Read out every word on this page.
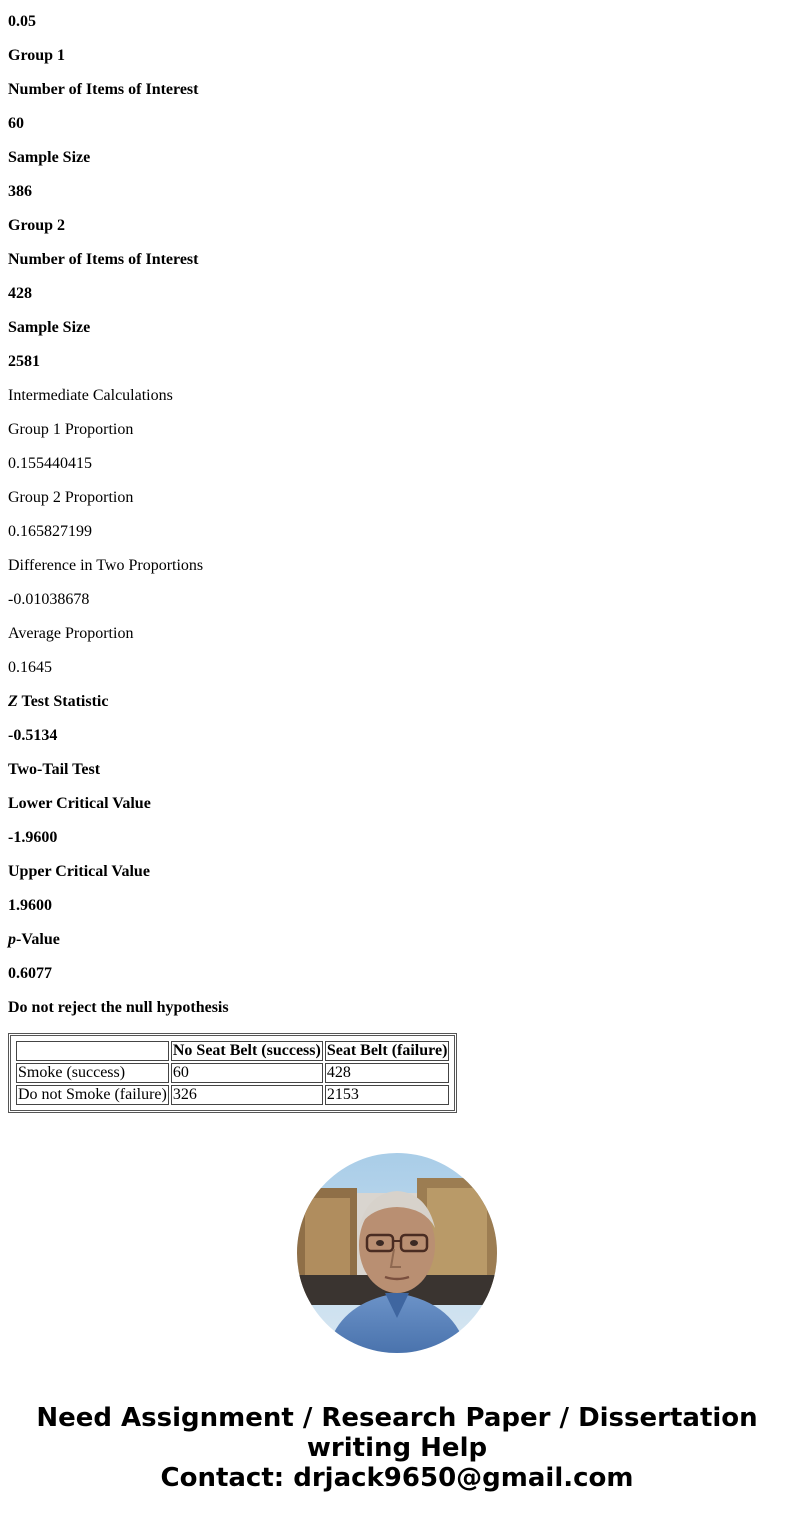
0.05
Group 1
Number of Items of Interest
60
Sample Size
386
Group 2
Number of Items of Interest
428
Sample Size
2581
Intermediate Calculations
Group 1 Proportion
0.155440415
Group 2 Proportion
0.165827199
Difference in Two Proportions
-0.01038678
Average Proportion
0.1645
Z Test Statistic
-0.5134
Two-Tail Test
Lower Critical Value
-1.9600
Upper Critical Value
1.9600
p-Value
0.6077
Do not reject the null hypothesis
	No Seat Belt (success)	Seat Belt (failure)
Smoke (success)	60	428
Do not Smoke (failure)	326	2153
Need Assignment / Research Paper / Dissertation
writing Help
Contact: drjack9650@gmail.com
